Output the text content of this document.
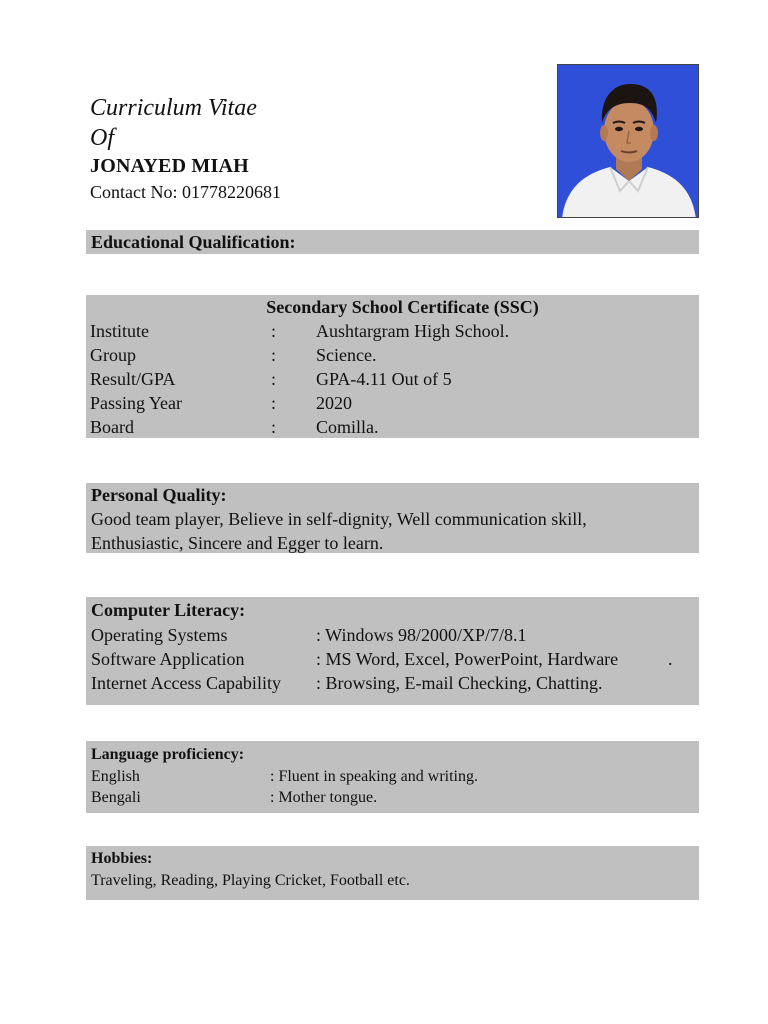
Curriculum Vitae
Of
JONAYED MIAH
Contact No: 01778220681
Educational Qualification:
Secondary School Certificate (SSC)
Institute	: Aushtargram High School.
Group	: Science.
Result/GPA	: GPA-4.11 Out of 5
Passing Year	: 2020
Board	: Comilla.
Personal Quality:
Good team player, Believe in self-dignity, Well communication skill,
Enthusiastic, Sincere and Egger to learn.
Computer Literacy:
Operating Systems	: Windows 98/2000/XP/7/8.1
Software Application	: MS Word, Excel, PowerPoint, Hardware	.
Internet Access Capability : Browsing, E-mail Checking, Chatting.
Language proficiency:
English	: Fluent in speaking and writing.
Bengali	: Mother tongue.
Hobbies:
Traveling, Reading, Playing Cricket, Football etc.
